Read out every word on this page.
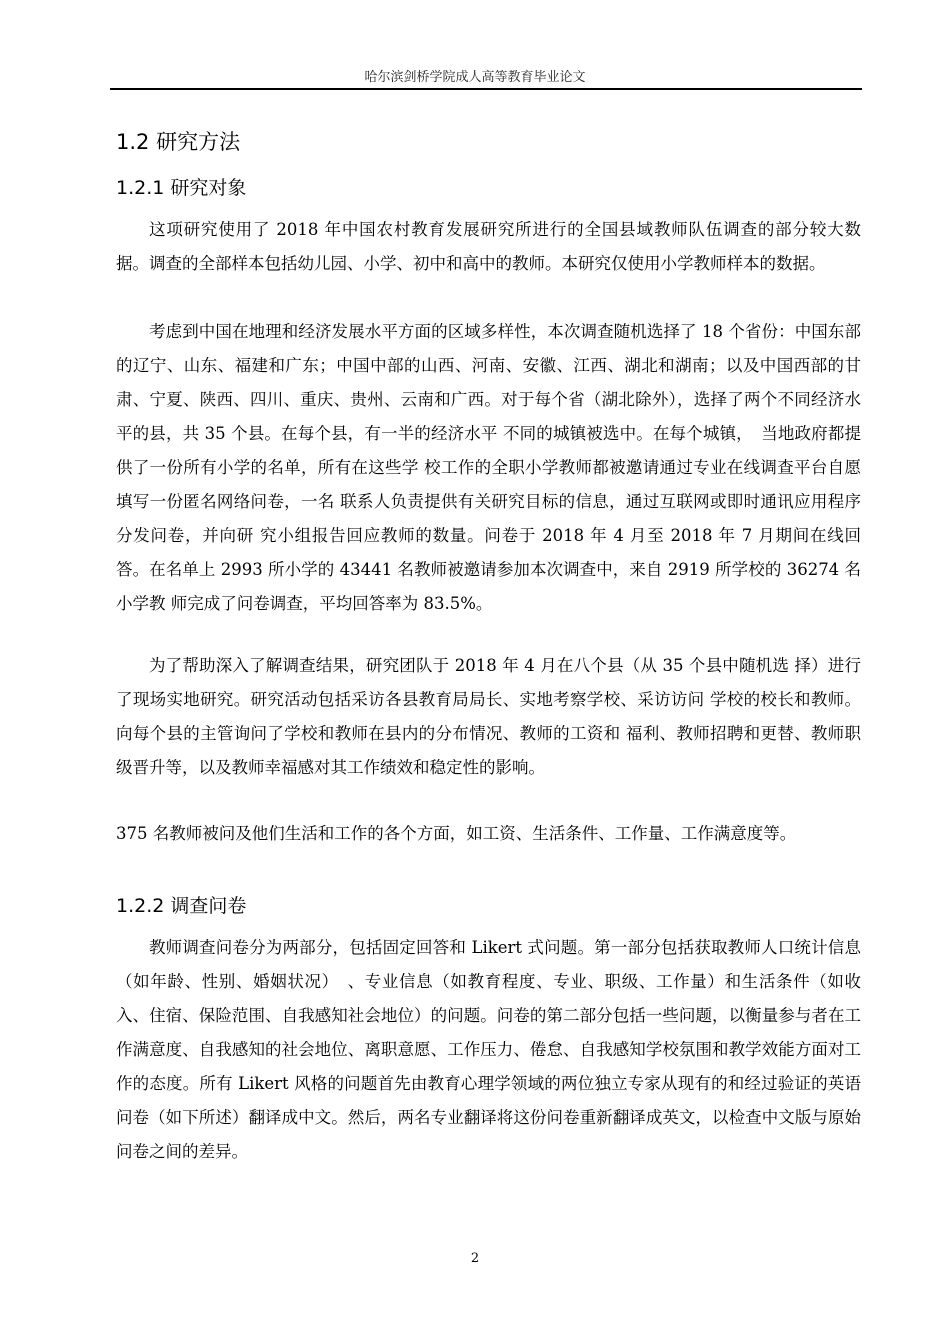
哈尔滨剑桥学院成人高等教育毕业论文
1.2 研究方法
1.2.1 研究对象

这项研究使用了 2018 年中国农村教育发展研究所进行的全国县域教师队伍调查的部分较大数据。调查的全部样本包括幼儿园、小学、初中和高中的教师。本研究仅使用小学教师样本的数据。

考虑到中国在地理和经济发展水平方面的区域多样性，本次调查随机选择了 18 个省份：中国东部的辽宁、山东、福建和广东；中国中部的山西、河南、安徽、江西、湖北和湖南；以及中国西部的甘肃、宁夏、陕西、四川、重庆、贵州、云南和广西。对于每个省（湖北除外），选择了两个不同经济水平的县，共 35 个县。在每个县，有一半的经济水平 不同的城镇被选中。在每个城镇，　当地政府都提供了一份所有小学的名单，所有在这些学 校工作的全职小学教师都被邀请通过专业在线调查平台自愿填写一份匿名网络问卷，一名 联系人负责提供有关研究目标的信息，通过互联网或即时通讯应用程序分发问卷，并向研 究小组报告回应教师的数量。问卷于 2018 年 4 月至 2018 年 7 月期间在线回答。在名单上 2993 所小学的 43441 名教师被邀请参加本次调查中，来自 2919 所学校的 36274 名小学教 师完成了问卷调查，平均回答率为 83.5%。

为了帮助深入了解调查结果，研究团队于 2018 年 4 月在八个县（从 35 个县中随机选 择）进行了现场实地研究。研究活动包括采访各县教育局局长、实地考察学校、采访访问 学校的校长和教师。向每个县的主管询问了学校和教师在县内的分布情况、教师的工资和 福利、教师招聘和更替、教师职级晋升等，以及教师幸福感对其工作绩效和稳定性的影响。

375 名教师被问及他们生活和工作的各个方面，如工资、生活条件、工作量、工作满意度等。

1.2.2 调查问卷

教师调查问卷分为两部分，包括固定回答和 Likert 式问题。第一部分包括获取教师人口统计信息（如年龄、性别、婚姻状况）　、专业信息（如教育程度、专业、职级、工作量）和生活条件（如收入、住宿、保险范围、自我感知社会地位）的问题。问卷的第二部分包括一些问题，以衡量参与者在工作满意度、自我感知的社会地位、离职意愿、工作压力、倦怠、自我感知学校氛围和教学效能方面对工作的态度。所有 Likert 风格的问题首先由教育心理学领域的两位独立专家从现有的和经过验证的英语问卷（如下所述）翻译成中文。然后，两名专业翻译将这份问卷重新翻译成英文，以检查中文版与原始问卷之间的差异。

2
